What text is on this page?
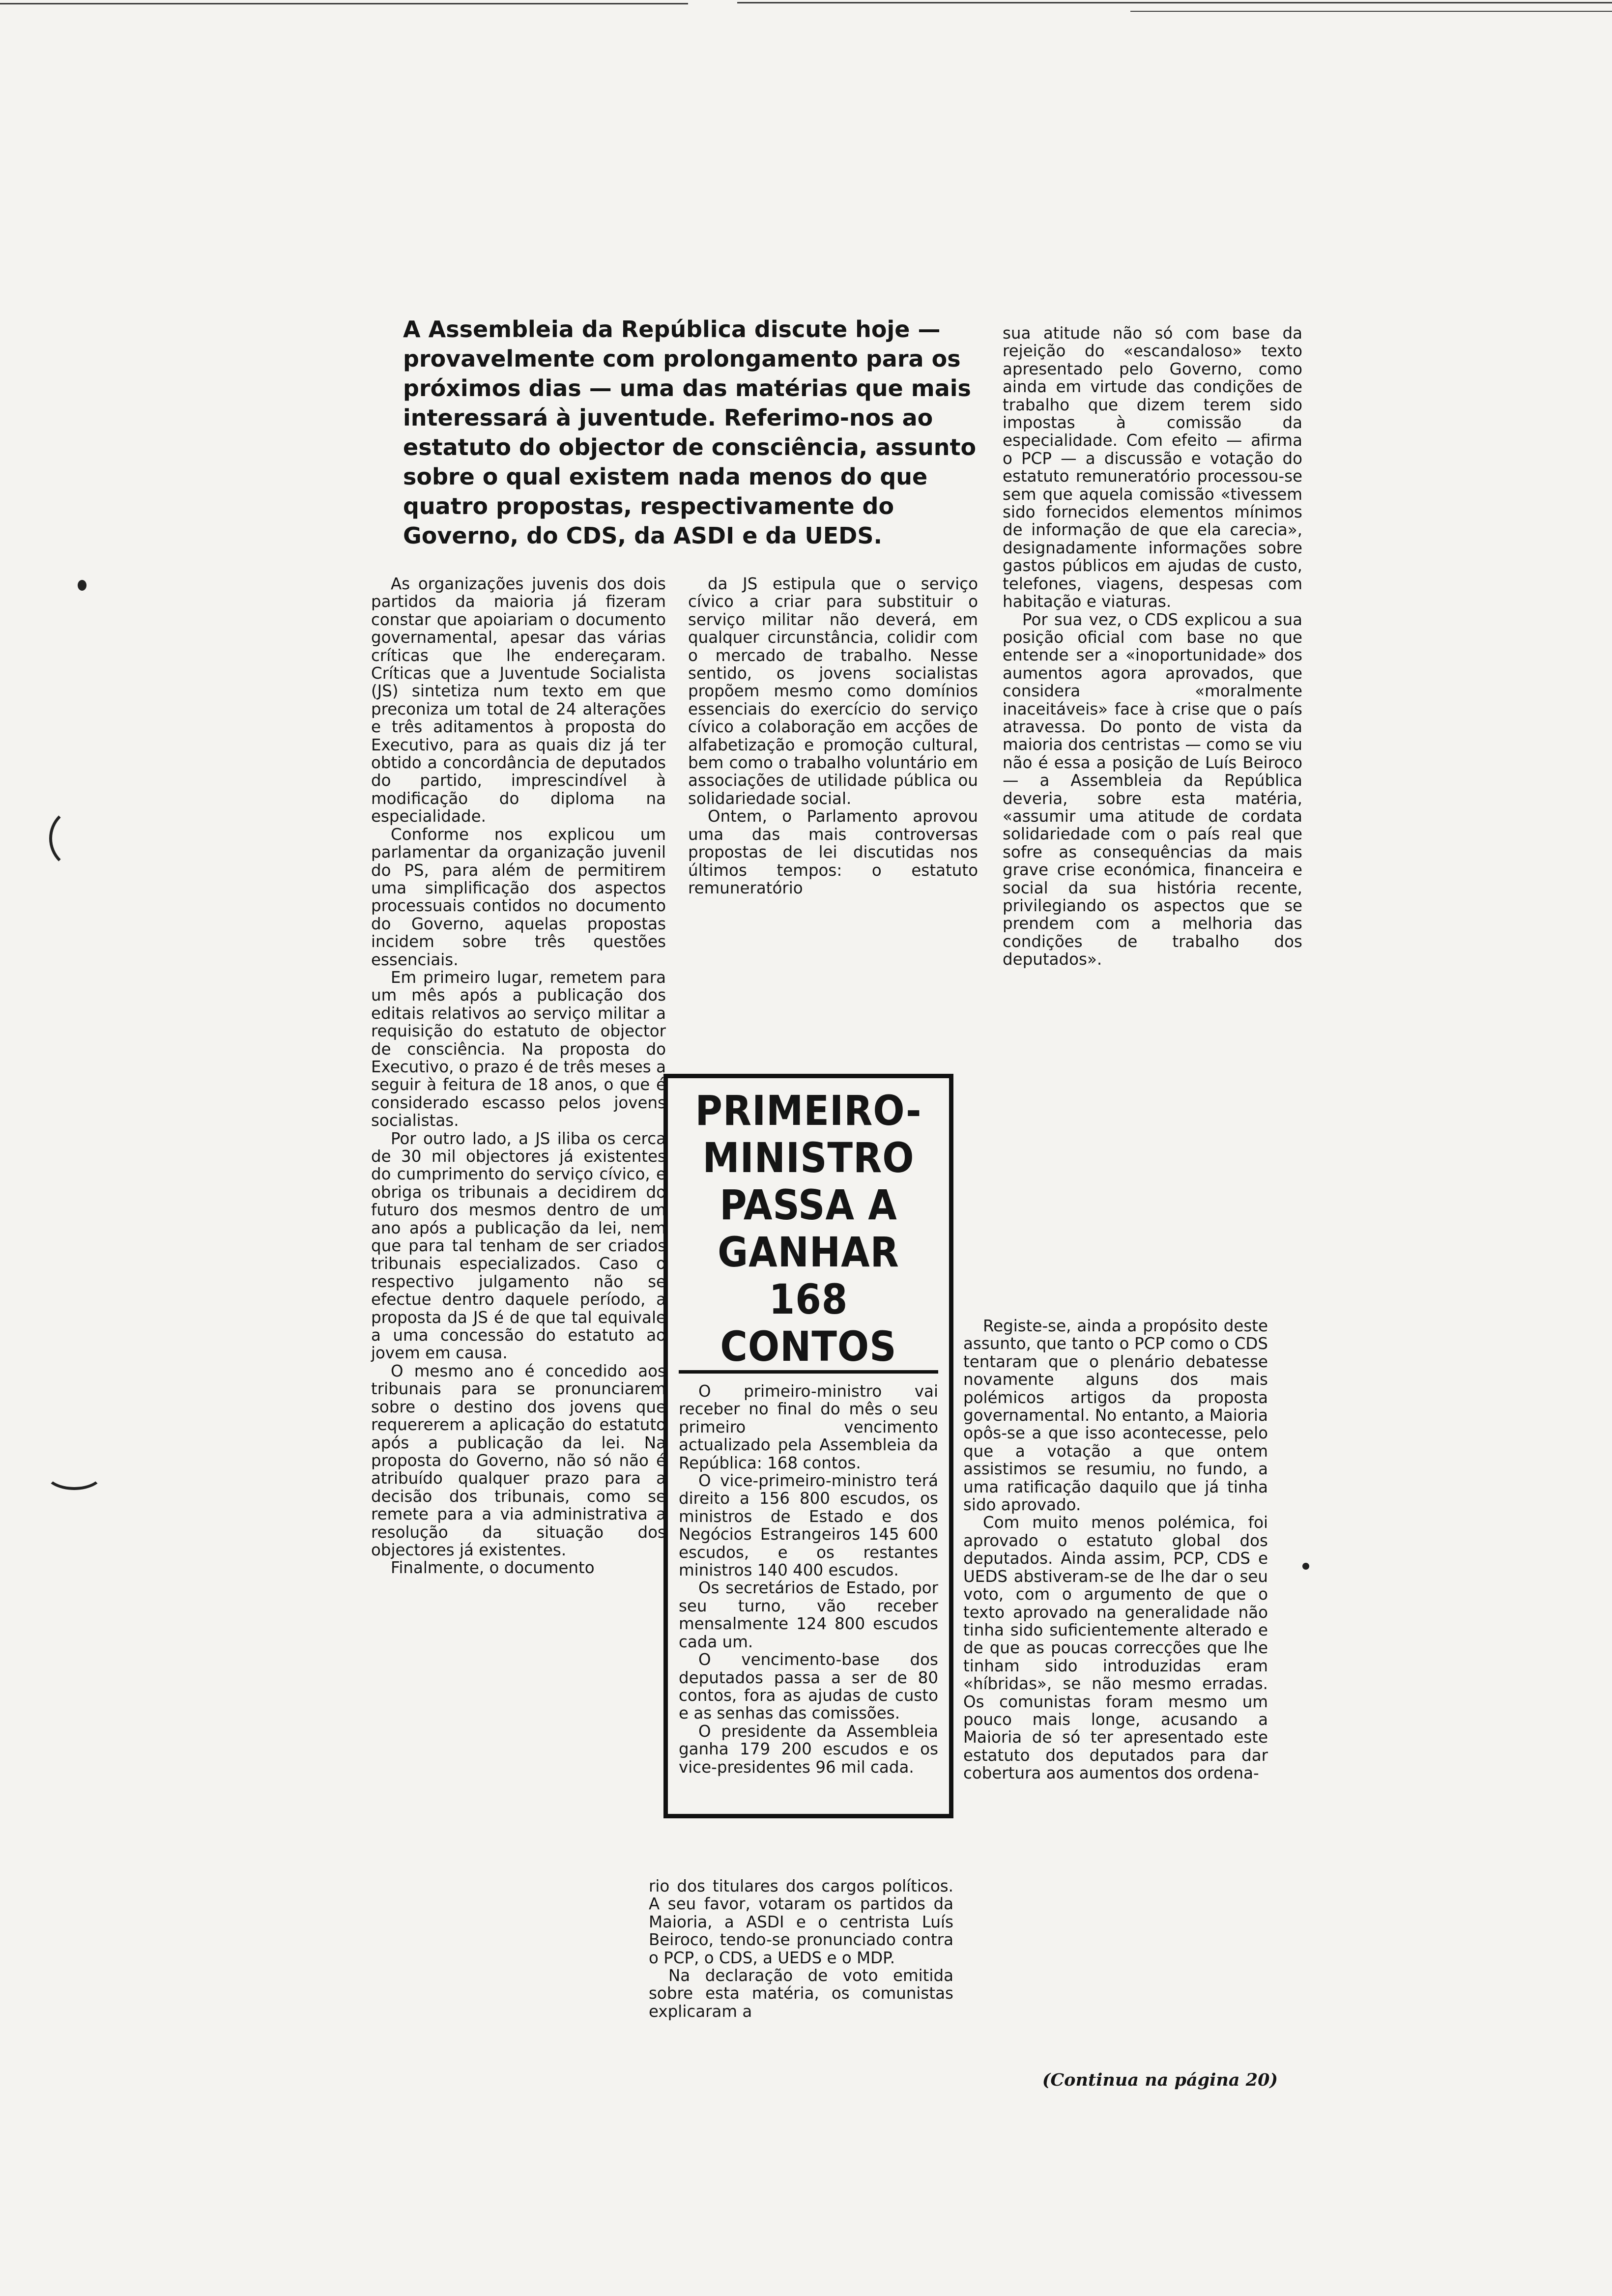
A Assembleia da República discute hoje — provavelmente com prolongamento para os próximos dias — uma das matérias que mais interessará à juventude. Referimo-nos ao estatuto do objector de consciência, assunto sobre o qual existem nada menos do que quatro propostas, respectivamente do Governo, do CDS, da ASDI e da UEDS.

As organizações juvenis dos dois partidos da maioria já fizeram constar que apoiariam o documento governamental, apesar das várias críticas que lhe endereçaram. Críticas que a Juventude Socialista (JS) sintetiza num texto em que preconiza um total de 24 alterações e três aditamentos à proposta do Executivo, para as quais diz já ter obtido a concordância de deputados do partido, imprescindível à modificação do diploma na especialidade.

Conforme nos explicou um parlamentar da organização juvenil do PS, para além de permitirem uma simplificação dos aspectos processuais contidos no documento do Governo, aquelas propostas incidem sobre três questões essenciais.

Em primeiro lugar, remetem para um mês após a publicação dos editais relativos ao serviço militar a requisição do estatuto de objector de consciência. Na proposta do Executivo, o prazo é de três meses a seguir à feitura de 18 anos, o que é considerado escasso pelos jovens socialistas.

Por outro lado, a JS iliba os cerca de 30 mil objectores já existentes do cumprimento do serviço cívico, e obriga os tribunais a decidirem do futuro dos mesmos dentro de um ano após a publicação da lei, nem que para tal tenham de ser criados tribunais especializados. Caso o respectivo julgamento não se efectue dentro daquele período, a proposta da JS é de que tal equivale a uma concessão do estatuto ao jovem em causa.

O mesmo ano é concedido aos tribunais para se pronunciarem sobre o destino dos jovens que requererem a aplicação do estatuto após a publicação da lei. Na proposta do Governo, não só não é atribuído qualquer prazo para a decisão dos tribunais, como se remete para a via administrativa a resolução da situação dos objectores já existentes.

Finalmente, o documento

da JS estipula que o serviço cívico a criar para substituir o serviço militar não deverá, em qualquer circunstância, colidir com o mercado de trabalho. Nesse sentido, os jovens socialistas propõem mesmo como domínios essenciais do exercício do serviço cívico a colaboração em acções de alfabetização e promoção cultural, bem como o trabalho voluntário em associações de utilidade pública ou solidariedade social.

Ontem, o Parlamento aprovou uma das mais controversas propostas de lei discutidas nos últimos tempos: o estatuto remuneratório

PRIMEIRO-MINISTRO PASSA A GANHAR 168 CONTOS

O primeiro-ministro vai receber no final do mês o seu primeiro vencimento actualizado pela Assembleia da República: 168 contos.

O vice-primeiro-ministro terá direito a 156 800 escudos, os ministros de Estado e dos Negócios Estrangeiros 145 600 escudos, e os restantes ministros 140 400 escudos.

Os secretários de Estado, por seu turno, vão receber mensalmente 124 800 escudos cada um.

O vencimento-base dos deputados passa a ser de 80 contos, fora as ajudas de custo e as senhas das comissões.

O presidente da Assembleia ganha 179 200 escudos e os vice-presidentes 96 mil cada.

rio dos titulares dos cargos políticos. A seu favor, votaram os partidos da Maioria, a ASDI e o centrista Luís Beiroco, tendo-se pronunciado contra o PCP, o CDS, a UEDS e o MDP.

Na declaração de voto emitida sobre esta matéria, os comunistas explicaram a

sua atitude não só com base da rejeição do «escandaloso» texto apresentado pelo Governo, como ainda em virtude das condições de trabalho que dizem terem sido impostas à comissão da especialidade. Com efeito — afirma o PCP — a discussão e votação do estatuto remuneratório processou-se sem que aquela comissão «tivessem sido fornecidos elementos mínimos de informação de que ela carecia», designadamente informações sobre gastos públicos em ajudas de custo, telefones, viagens, despesas com habitação e viaturas.

Por sua vez, o CDS explicou a sua posição oficial com base no que entende ser a «inoportunidade» dos aumentos agora aprovados, que considera «moralmente inaceitáveis» face à crise que o país atravessa. Do ponto de vista da maioria dos centristas — como se viu não é essa a posição de Luís Beiroco — a Assembleia da República deveria, sobre esta matéria, «assumir uma atitude de cordata solidariedade com o país real que sofre as consequências da mais grave crise económica, financeira e social da sua história recente, privilegiando os aspectos que se prendem com a melhoria das condições de trabalho dos deputados».

Registe-se, ainda a propósito deste assunto, que tanto o PCP como o CDS tentaram que o plenário debatesse novamente alguns dos mais polémicos artigos da proposta governamental. No entanto, a Maioria opôs-se a que isso acontecesse, pelo que a votação a que ontem assistimos se resumiu, no fundo, a uma ratificação daquilo que já tinha sido aprovado.

Com muito menos polémica, foi aprovado o estatuto global dos deputados. Ainda assim, PCP, CDS e UEDS abstiveram-se de lhe dar o seu voto, com o argumento de que o texto aprovado na generalidade não tinha sido suficientemente alterado e de que as poucas correcções que lhe tinham sido introduzidas eram «híbridas», se não mesmo erradas. Os comunistas foram mesmo um pouco mais longe, acusando a Maioria de só ter apresentado este estatuto dos deputados para dar cobertura aos aumentos dos ordena-

(Continua na página 20)
